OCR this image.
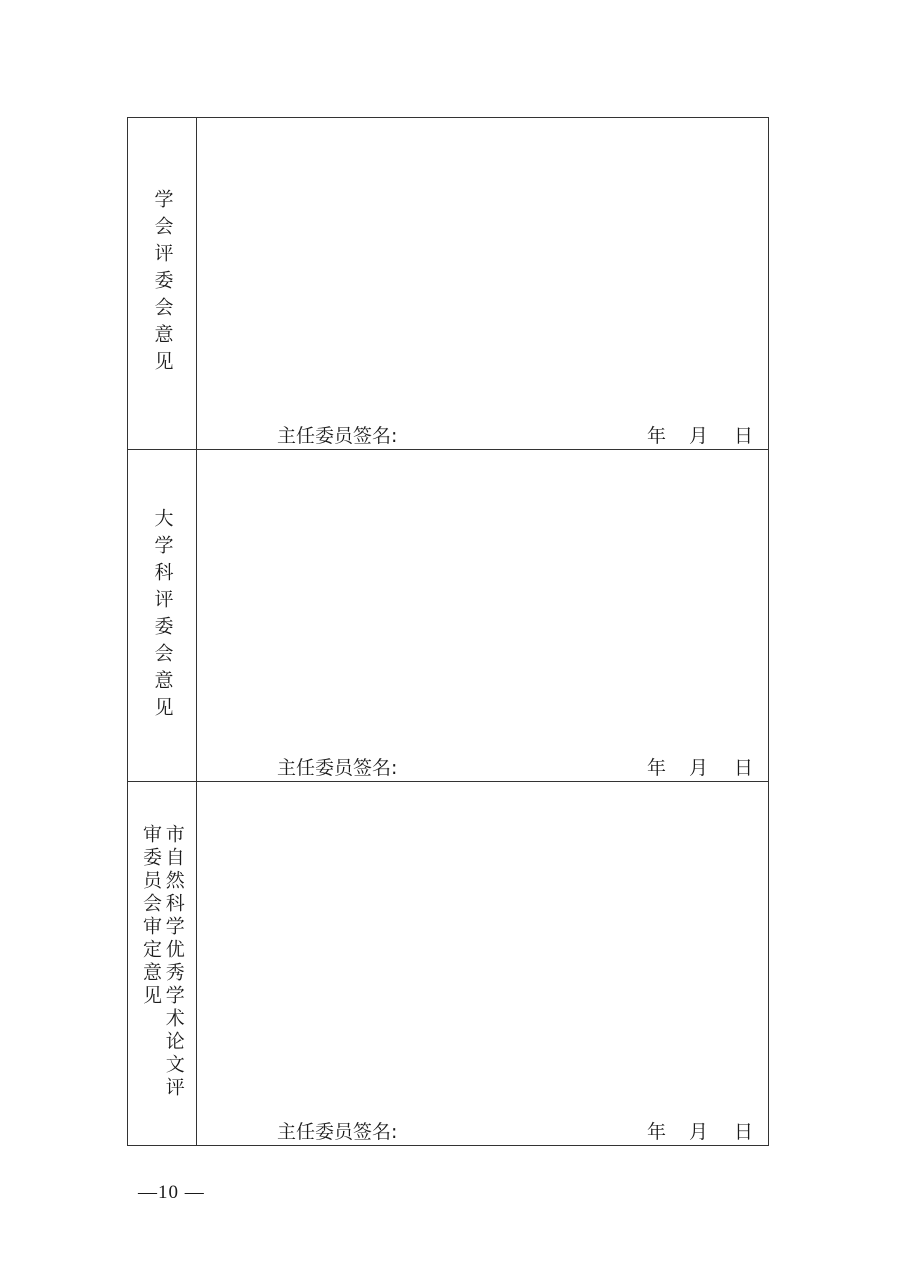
学会评委会意见
主任委员签名:	年 月 日
大学科评委会意见
主任委员签名:	年 月 日
市自然科学优秀学术论文评审委员会审定意见
主任委员签名:	年 月 日
—10 —
